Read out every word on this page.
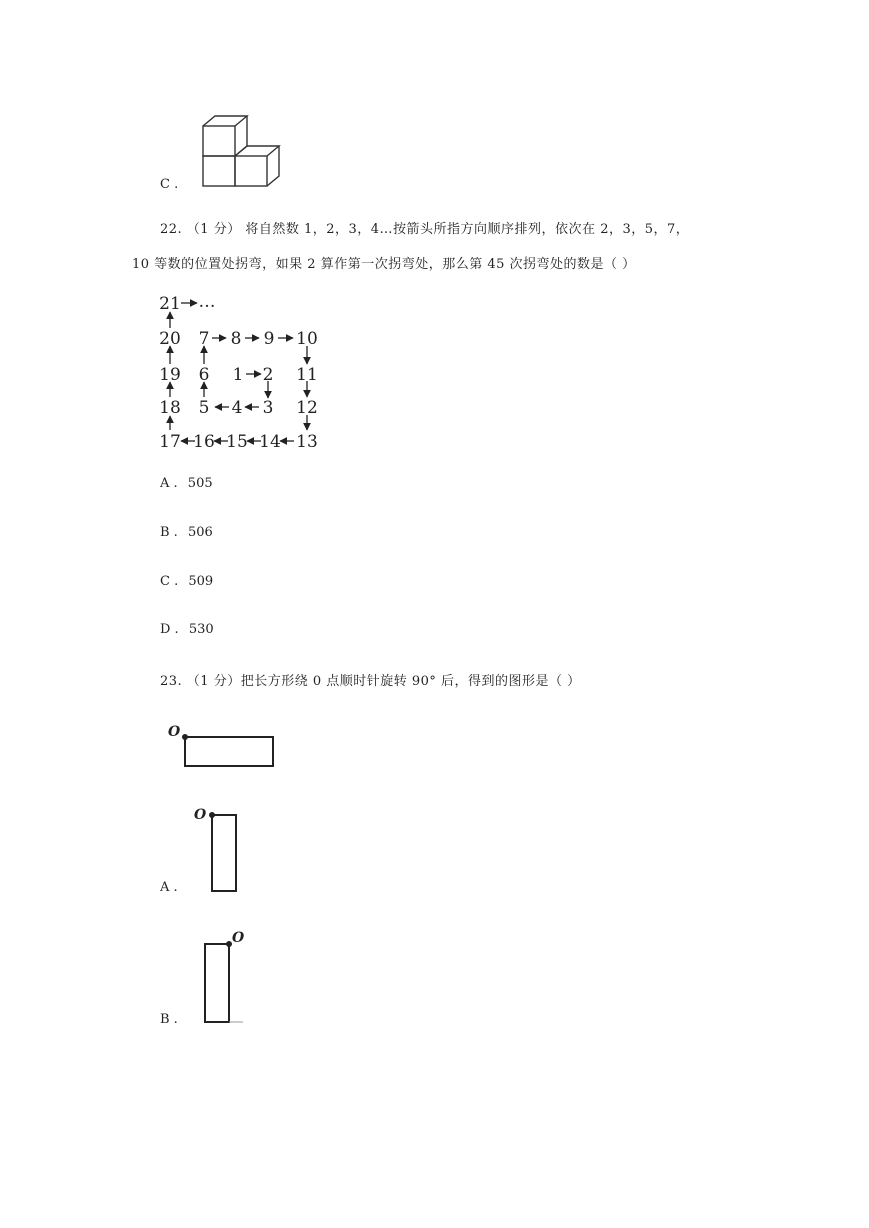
C .
22. （1 分） 将自然数 1，2，3，4…按箭头所指方向顺序排列，依次在 2，3，5，7，
10 等数的位置处拐弯，如果 2 算作第一次拐弯处，那么第 45 次拐弯处的数是（ ）
1 2
3
4
5
6
7 8 9 10
11
12
13
14
15
16
17
18
19
20
21 …
A . 505
B . 506
C . 509
D . 530
23. （1 分）把长方形绕 0 点顺时针旋转 90° 后，得到的图形是（ ）
O
O
A .
O
B .
